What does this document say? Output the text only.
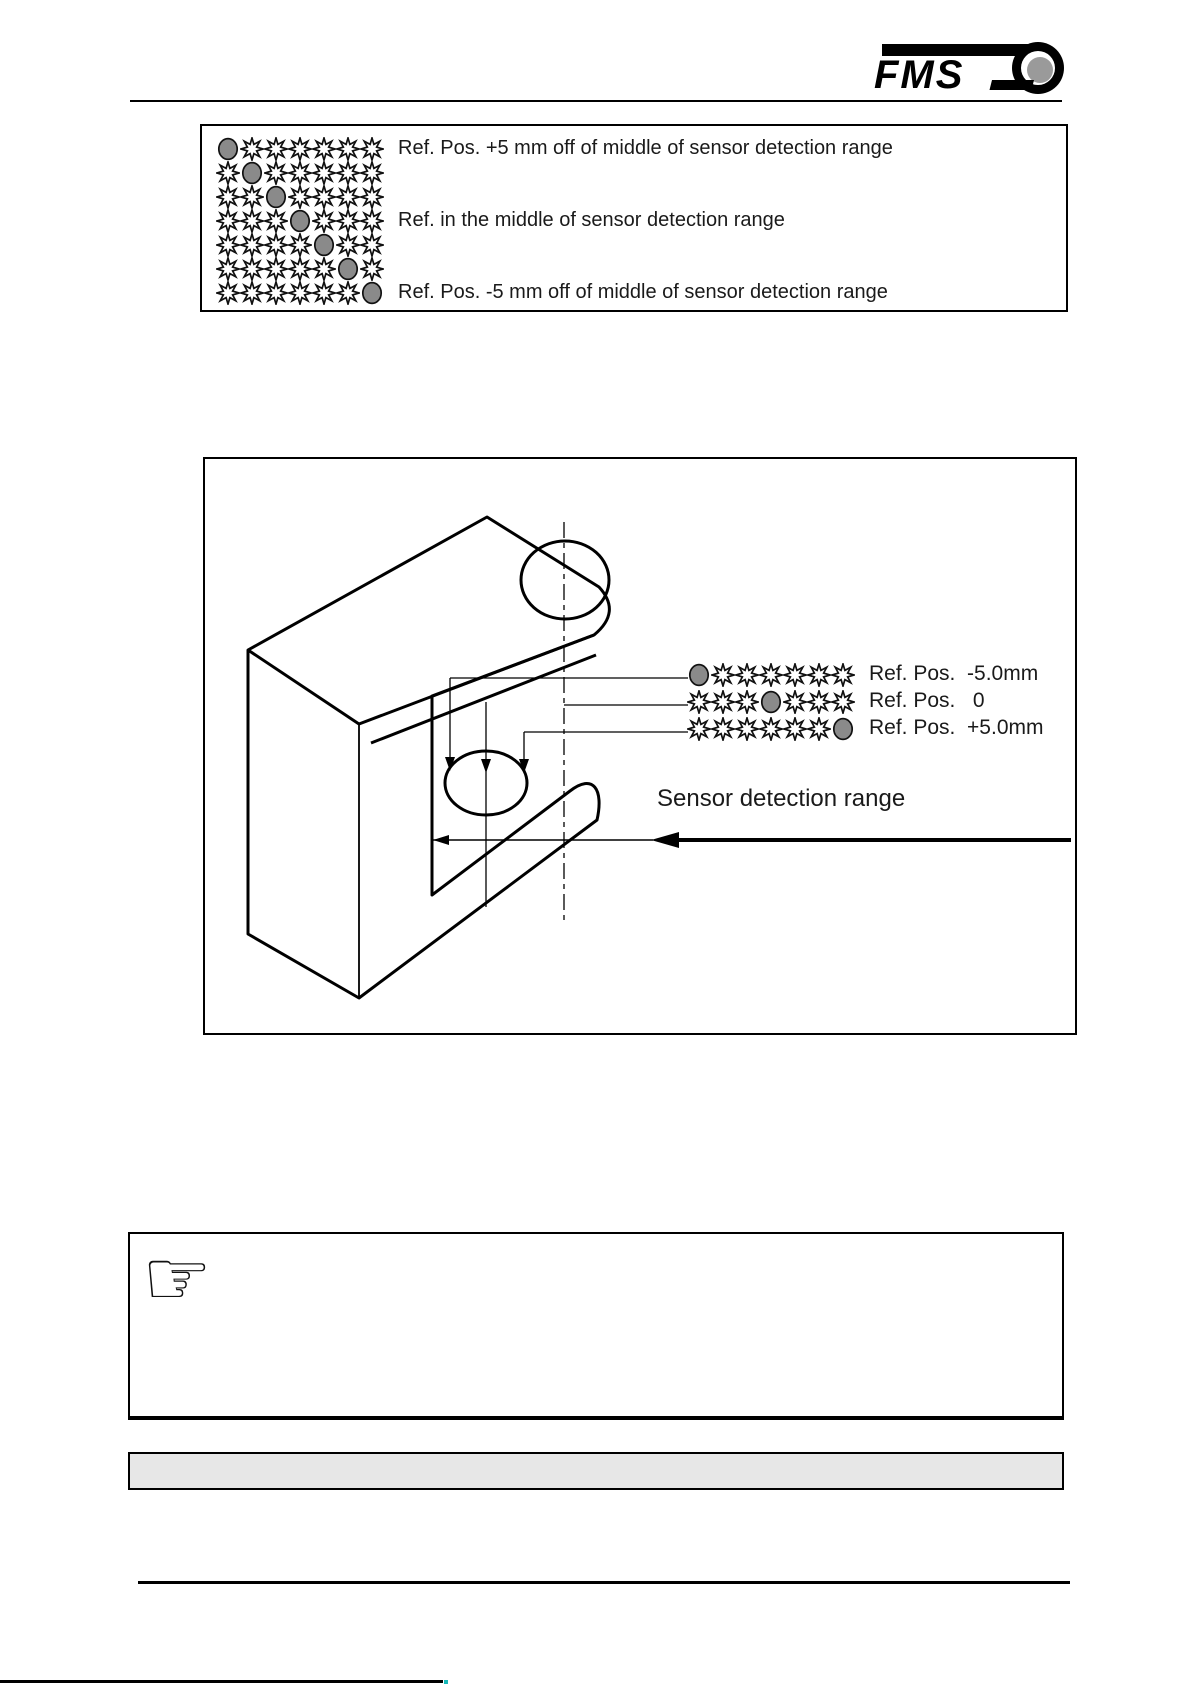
FMS
Ref. Pos. +5 mm off of middle of sensor detection range
Ref. in the middle of sensor detection range
Ref. Pos. -5 mm off of middle of sensor detection range
Ref. Pos.  -5.0mm
Ref. Pos.   0
Ref. Pos.  +5.0mm
Sensor detection range
☞
